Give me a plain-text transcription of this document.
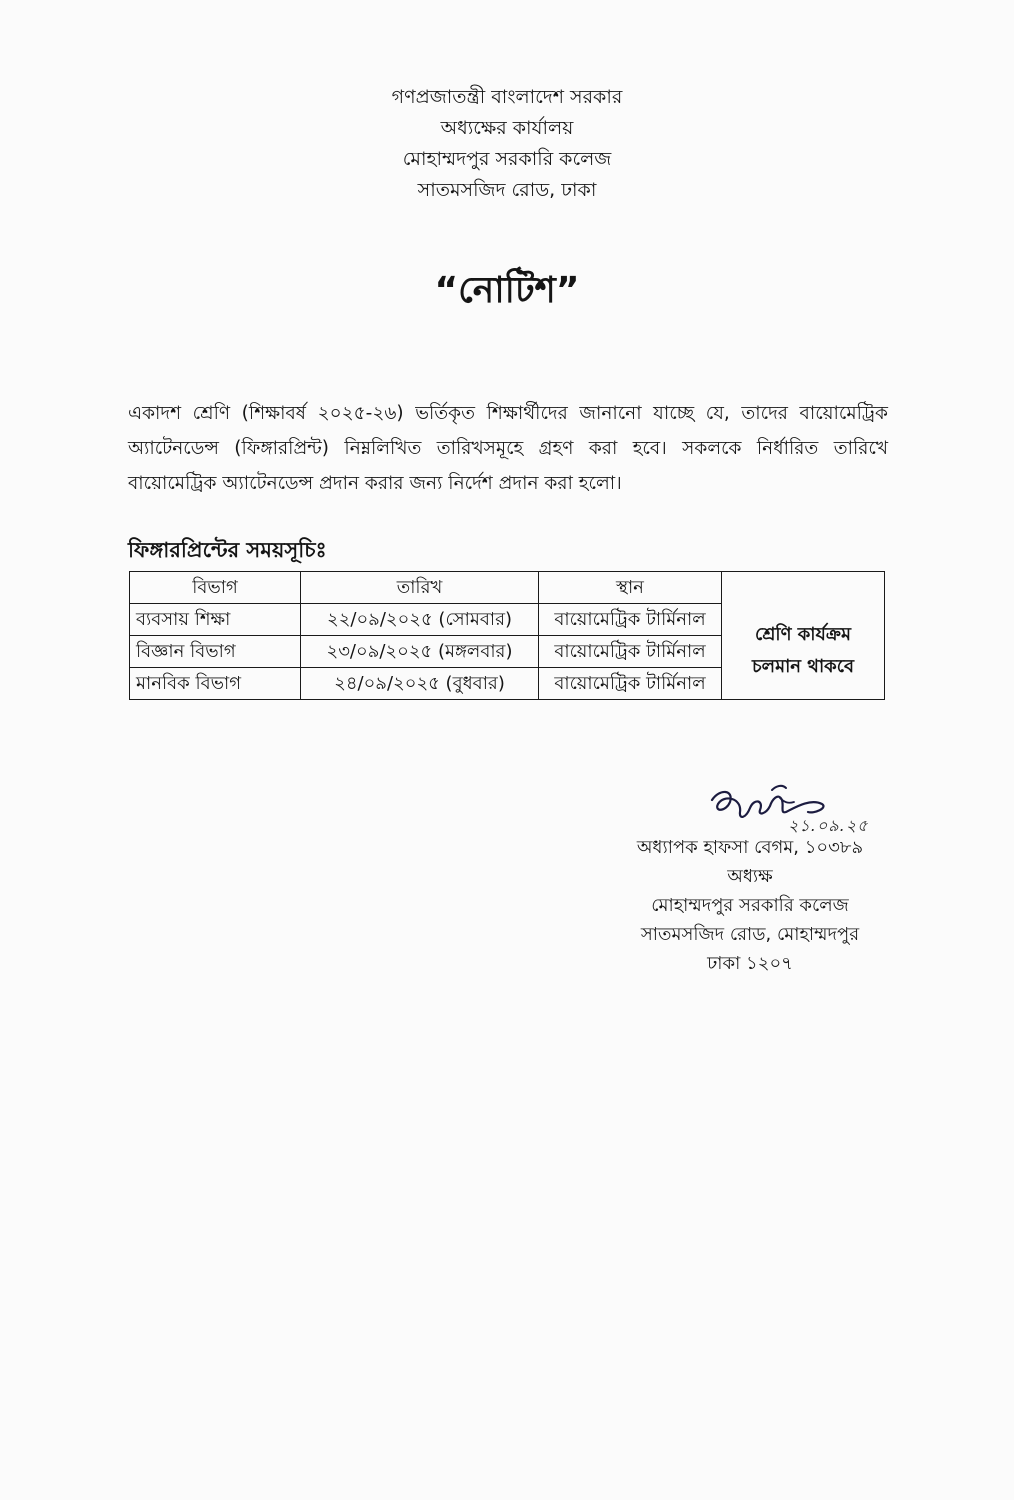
গণপ্রজাতন্ত্রী বাংলাদেশ সরকার
অধ্যক্ষের কার্যালয়
মোহাম্মদপুর সরকারি কলেজ
সাতমসজিদ রোড, ঢাকা
“নোটিশ”
একাদশ শ্রেণি (শিক্ষাবর্ষ ২০২৫-২৬) ভর্তিকৃত শিক্ষার্থীদের জানানো যাচ্ছে যে, তাদের বায়োমেট্রিক অ্যাটেনডেন্স (ফিঙ্গারপ্রিন্ট) নিম্নলিখিত তারিখসমূহে গ্রহণ করা হবে। সকলকে নির্ধারিত তারিখে বায়োমেট্রিক অ্যাটেনডেন্স প্রদান করার জন্য নির্দেশ প্রদান করা হলো।
ফিঙ্গারপ্রিন্টের সময়সূচিঃ
বিভাগ	তারিখ	স্থান	
ব্যবসায় শিক্ষা	২২/০৯/২০২৫ (সোমবার)	বায়োমেট্রিক টার্মিনাল	শ্রেণি কার্যক্রম চলমান থাকবে
বিজ্ঞান বিভাগ	২৩/০৯/২০২৫ (মঙ্গলবার)	বায়োমেট্রিক টার্মিনাল	
মানবিক বিভাগ	২৪/০৯/২০২৫ (বুধবার)	বায়োমেট্রিক টার্মিনাল	
২১.০৯.২৫
অধ্যাপক হাফসা বেগম, ১০৩৮৯
অধ্যক্ষ
মোহাম্মদপুর সরকারি কলেজ
সাতমসজিদ রোড, মোহাম্মদপুর
ঢাকা ১২০৭
